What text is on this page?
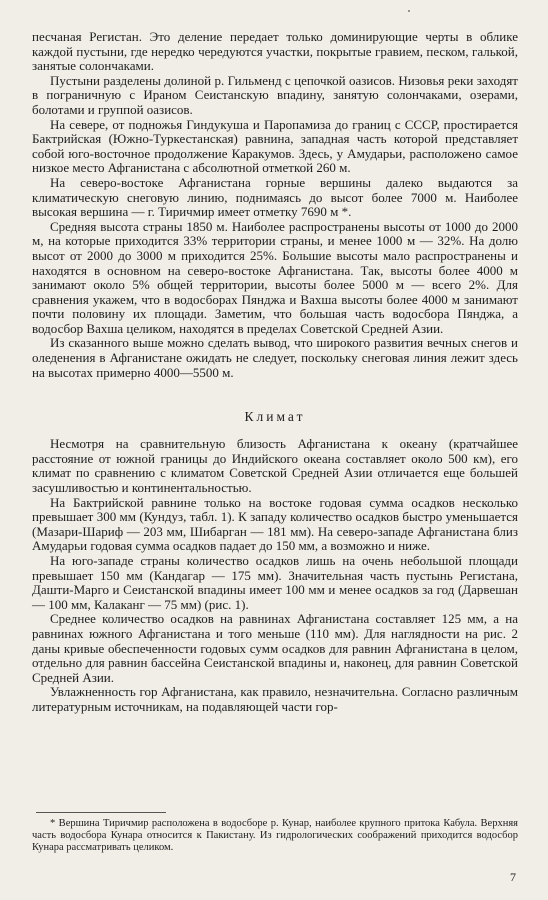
песчаная Регистан. Это деление передает только доминирующие черты в облике каждой пустыни, где нередко чередуются участки, покрытые гравием, песком, галькой, занятые солончаками.

Пустыни разделены долиной р. Гильменд с цепочкой оазисов. Низовья реки заходят в пограничную с Ираном Сеистанскую впадину, занятую солончаками, озерами, болотами и группой оазисов.

На севере, от подножья Гиндукуша и Паропамиза до границ с СССР, простирается Бактрийская (Южно-Туркестанская) равнина, западная часть которой представляет собой юго-восточное продолжение Каракумов. Здесь, у Амударьи, расположено самое низкое место Афганистана с абсолютной отметкой 260 м.

На северо-востоке Афганистана горные вершины далеко выдаются за климатическую снеговую линию, поднимаясь до высот более 7000 м. Наиболее высокая вершина — г. Тиричмир имеет отметку 7690 м *.

Средняя высота страны 1850 м. Наиболее распространены высоты от 1000 до 2000 м, на которые приходится 33% территории страны, и менее 1000 м — 32%. На долю высот от 2000 до 3000 м приходится 25%. Большие высоты мало распространены и находятся в основном на северо-востоке Афганистана. Так, высоты более 4000 м занимают около 5% общей территории, высоты более 5000 м — всего 2%. Для сравнения укажем, что в водосборах Пянджа и Вахша высоты более 4000 м занимают почти половину их площади. Заметим, что большая часть водосбора Пянджа, а водосбор Вахша целиком, находятся в пределах Советской Средней Азии.

Из сказанного выше можно сделать вывод, что широкого развития вечных снегов и оледенения в Афганистане ожидать не следует, поскольку снеговая линия лежит здесь на высотах примерно 4000—5500 м.

Климат

Несмотря на сравнительную близость Афганистана к океану (кратчайшее расстояние от южной границы до Индийского океана составляет около 500 км), его климат по сравнению с климатом Советской Средней Азии отличается еще большей засушливостью и континентальностью.

На Бактрийской равнине только на востоке годовая сумма осадков несколько превышает 300 мм (Кундуз, табл. 1). К западу количество осадков быстро уменьшается (Мазари-Шариф — 203 мм, Шибарган — 181 мм). На северо-западе Афганистана близ Амударьи годовая сумма осадков падает до 150 мм, а возможно и ниже.

На юго-западе страны количество осадков лишь на очень небольшой площади превышает 150 мм (Кандагар — 175 мм). Значительная часть пустынь Регистана, Дашти-Марго и Сеистанской впадины имеет 100 мм и менее осадков за год (Дарвешан — 100 мм, Калаканг — 75 мм) (рис. 1).

Среднее количество осадков на равнинах Афганистана составляет 125 мм, а на равнинах южного Афганистана и того меньше (110 мм). Для наглядности на рис. 2 даны кривые обеспеченности годовых сумм осадков для равнин Афганистана в целом, отдельно для равнин бассейна Сеистанской впадины и, наконец, для равнин Советской Средней Азии.

Увлажненность гор Афганистана, как правило, незначительна. Согласно различным литературным источникам, на подавляющей части гор-

* Вершина Тиричмир расположена в водосборе р. Кунар, наиболее крупного притока Кабула. Верхняя часть водосбора Кунара относится к Пакистану. Из гидрологических соображений приходится водосбор Кунара рассматривать целиком.

7
